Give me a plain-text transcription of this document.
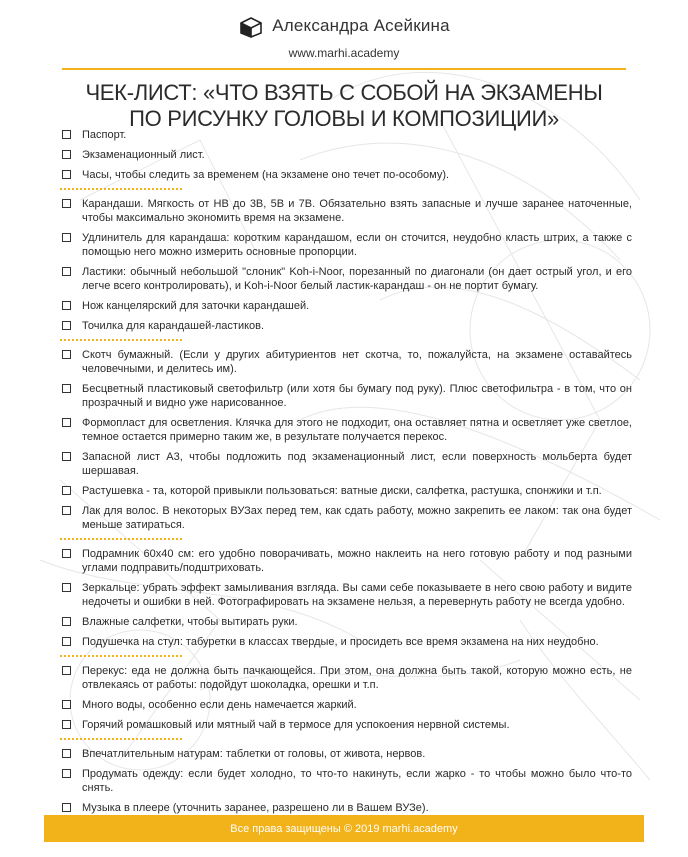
Александра Асейкина
www.marhi.academy
ЧЕК-ЛИСТ: «ЧТО ВЗЯТЬ С СОБОЙ НА ЭКЗАМЕНЫ
ПО РИСУНКУ ГОЛОВЫ И КОМПОЗИЦИИ»
Паспорт.
Экзаменационный лист.
Часы, чтобы следить за временем (на экзамене оно течет по-особому).
Карандаши. Мягкость от HB до 3B, 5B и 7B. Обязательно взять запасные и лучше заранее наточенные, чтобы максимально экономить время на экзамене.
Удлинитель для карандаша: коротким карандашом, если он сточится, неудобно класть штрих, а также с помощью него можно измерить основные пропорции.
Ластики: обычный небольшой "слоник" Koh-i-Noor, порезанный по диагонали (он дает острый угол, и его легче всего контролировать), и Koh-i-Noor белый ластик-карандаш - он не портит бумагу.
Нож канцелярский для заточки карандашей.
Точилка для карандашей-ластиков.
Скотч бумажный. (Если у других абитуриентов нет скотча, то, пожалуйста, на экзамене оставайтесь человечными, и делитесь им).
Бесцветный пластиковый светофильтр (или хотя бы бумагу под руку). Плюс светофильтра - в том, что он прозрачный и видно уже нарисованное.
Формопласт для осветления. Клячка для этого не подходит, она оставляет пятна и осветляет уже светлое, темное остается примерно таким же, в результате получается перекос.
Запасной лист А3, чтобы подложить под экзаменационный лист, если поверхность мольберта будет шершавая.
Растушевка - та, которой привыкли пользоваться: ватные диски, салфетка, растушка, спонжики и т.п.
Лак для волос. В некоторых ВУЗах перед тем, как сдать работу, можно закрепить ее лаком: так она будет меньше затираться.
Подрамник 60х40 см: его удобно поворачивать, можно наклеить на него готовую работу и под разными углами подправить/подштриховать.
Зеркальце: убрать эффект замыливания взгляда. Вы сами себе показываете в него свою работу и видите недочеты и ошибки в ней. Фотографировать на экзамене нельзя, а перевернуть работу не всегда удобно.
Влажные салфетки, чтобы вытирать руки.
Подушечка на стул: табуретки в классах твердые, и просидеть все время экзамена на них неудобно.
Перекус: еда не должна быть пачкающейся. При этом, она должна быть такой, которую можно есть, не отвлекаясь от работы: подойдут шоколадка, орешки и т.п.
Много воды, особенно если день намечается жаркий.
Горячий ромашковый или мятный чай в термосе для успокоения нервной системы.
Впечатлительным натурам: таблетки от головы, от живота, нервов.
Продумать одежду: если будет холодно, то что-то накинуть, если жарко - то чтобы можно было что-то снять.
Музыка в плеере (уточнить заранее, разрешено ли в Вашем ВУЗе).
Все права защищены © 2019 marhi.academy
